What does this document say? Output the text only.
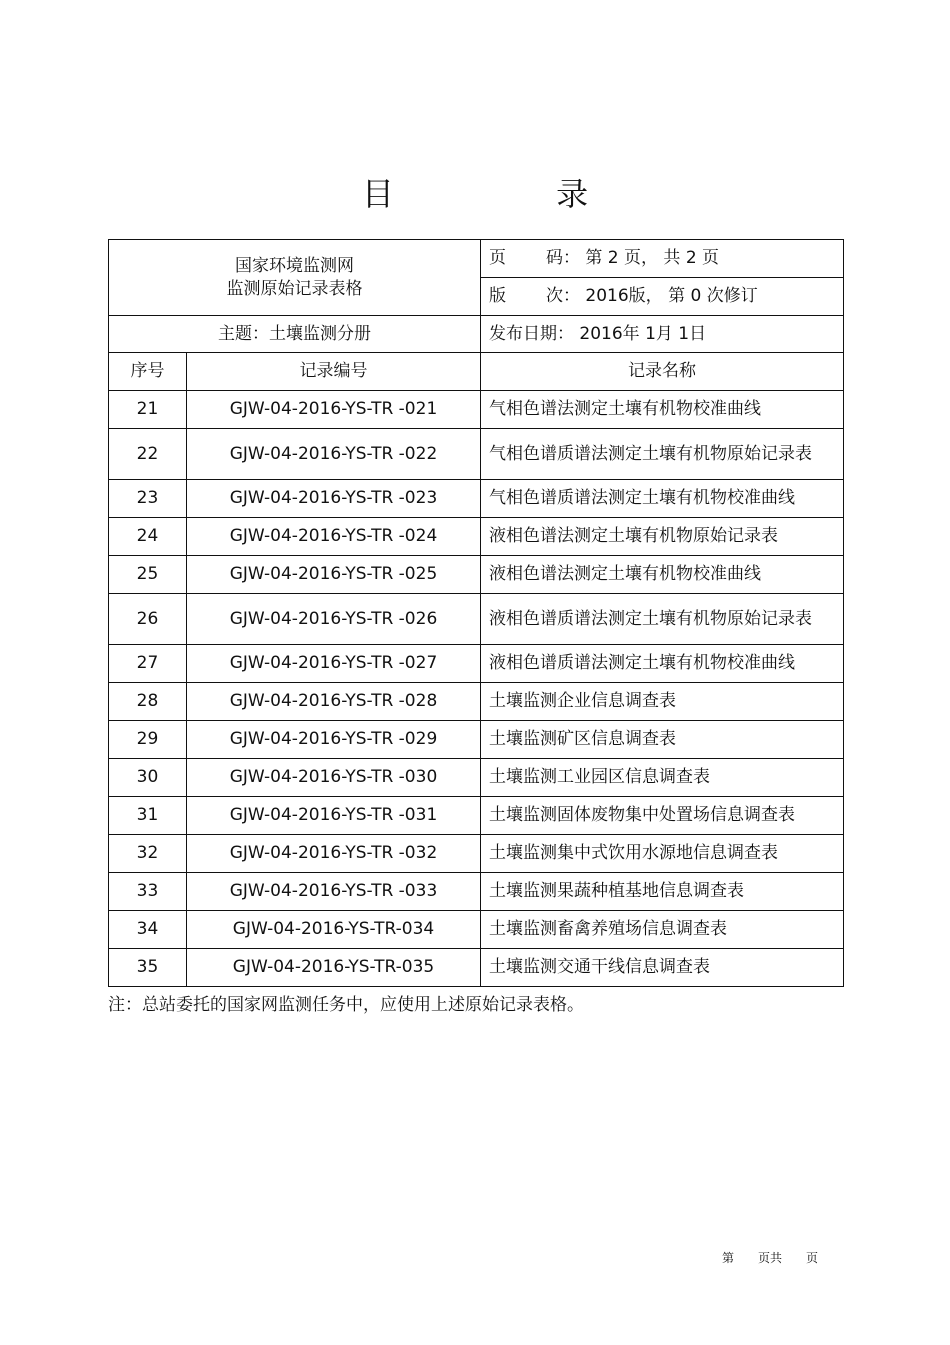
目 录
国家环境监测网
监测原始记录表格		页 码： 第 2 页， 共 2 页
		版 次： 2016版， 第 0 次修订
主题：土壤监测分册		发布日期： 2016年 1月 1日
序号	记录编号	记录名称
21	GJW-04-2016-YS-TR -021	气相色谱法测定土壤有机物校准曲线
22	GJW-04-2016-YS-TR -022	气相色谱质谱法测定土壤有机物原始记录表
23	GJW-04-2016-YS-TR -023	气相色谱质谱法测定土壤有机物校准曲线
24	GJW-04-2016-YS-TR -024	液相色谱法测定土壤有机物原始记录表
25	GJW-04-2016-YS-TR -025	液相色谱法测定土壤有机物校准曲线
26	GJW-04-2016-YS-TR -026	液相色谱质谱法测定土壤有机物原始记录表
27	GJW-04-2016-YS-TR -027	液相色谱质谱法测定土壤有机物校准曲线
28	GJW-04-2016-YS-TR -028	土壤监测企业信息调查表
29	GJW-04-2016-YS-TR -029	土壤监测矿区信息调查表
30	GJW-04-2016-YS-TR -030	土壤监测工业园区信息调查表
31	GJW-04-2016-YS-TR -031	土壤监测固体废物集中处置场信息调查表
32	GJW-04-2016-YS-TR -032	土壤监测集中式饮用水源地信息调查表
33	GJW-04-2016-YS-TR -033	土壤监测果蔬种植基地信息调查表
34	GJW-04-2016-YS-TR-034	土壤监测畜禽养殖场信息调查表
35	GJW-04-2016-YS-TR-035	土壤监测交通干线信息调查表
注：总站委托的国家网监测任务中，应使用上述原始记录表格。
第　　页共　　页
